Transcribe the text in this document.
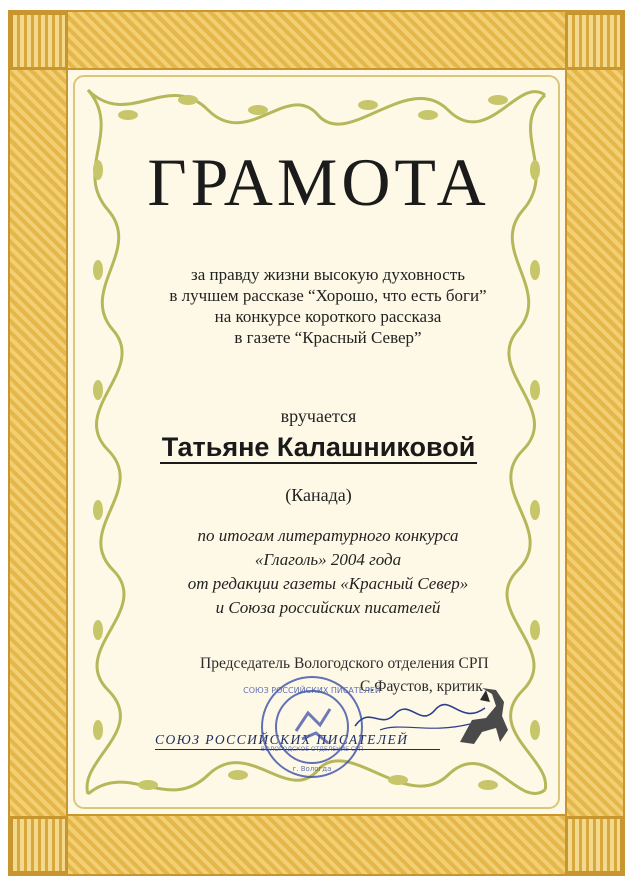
ГРАМОТА
за правду жизни высокую духовность
в лучшем рассказе “Хорошо, что есть боги”
на конкурсе короткого рассказа
в газете “Красный Север”
вручается
Татьяне Калашниковой
(Канада)
по итогам литературного конкурса
«Глаголь» 2004 года
от редакции газеты «Красный Север»
и Союза российских писателей
Председатель Вологодского отделения СРП
С.Фаустов, критик
СОЮЗ РОССИЙСКИХ ПИСАТЕЛЕЙ
СОЮЗ РОССИЙСКИХ ПИСАТЕЛЕЙ
ВОЛОГОДСКОЕ ОТДЕЛЕНИЕ СРП
г. Вологда
